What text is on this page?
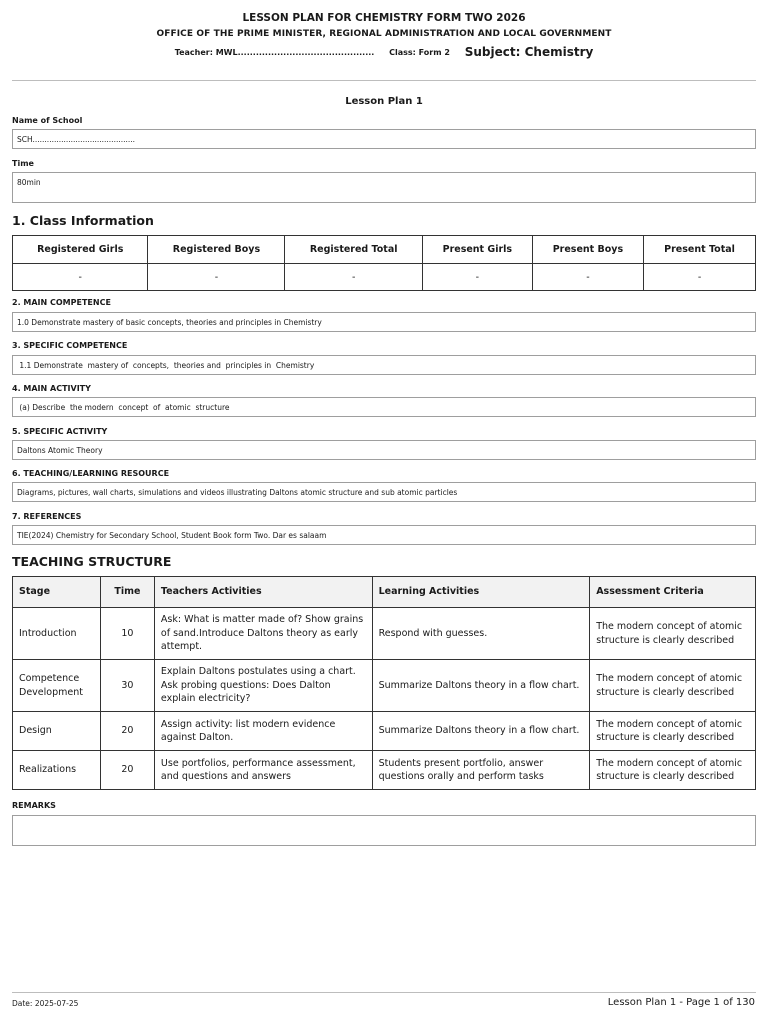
LESSON PLAN FOR CHEMISTRY FORM TWO 2026
OFFICE OF THE PRIME MINISTER, REGIONAL ADMINISTRATION AND LOCAL GOVERNMENT
Teacher: MWL............................................. Class: Form 2 Subject: Chemistry
Lesson Plan 1
Name of School
SCH...........................................
Time
80min
1. Class Information
Registered Girls	Registered Boys	Registered Total	Present Girls	Present Boys	Present Total
-	-	-	-	-	-
2. MAIN COMPETENCE
1.0 Demonstrate mastery of basic concepts, theories and principles in Chemistry
3. SPECIFIC COMPETENCE
1.1 Demonstrate  mastery of  concepts,  theories and  principles in  Chemistry
4. MAIN ACTIVITY
(a) Describe  the modern  concept  of  atomic  structure
5. SPECIFIC ACTIVITY
Daltons Atomic Theory
6. TEACHING/LEARNING RESOURCE
Diagrams, pictures, wall charts, simulations and videos illustrating Daltons atomic structure and sub atomic particles
7. REFERENCES
TIE(2024) Chemistry for Secondary School, Student Book form Two. Dar es salaam
TEACHING STRUCTURE
Stage	Time	Teachers Activities	Learning Activities	Assessment Criteria
Introduction	10	Ask: What is matter made of? Show grains of sand.Introduce Daltons theory as early attempt.	Respond with guesses.	The modern concept of atomic structure is clearly described
Competence Development	30	Explain Daltons postulates using a chart. Ask probing questions: Does Dalton explain electricity?	Summarize Daltons theory in a flow chart.	The modern concept of atomic structure is clearly described
Design	20	Assign activity: list modern evidence against Dalton.	Summarize Daltons theory in a flow chart.	The modern concept of atomic structure is clearly described
Realizations	20	Use portfolios, performance assessment, and questions and answers	Students present portfolio, answer questions orally and perform tasks	The modern concept of atomic structure is clearly described
REMARKS
Date: 2025-07-25	Lesson Plan 1 - Page 1 of 130
